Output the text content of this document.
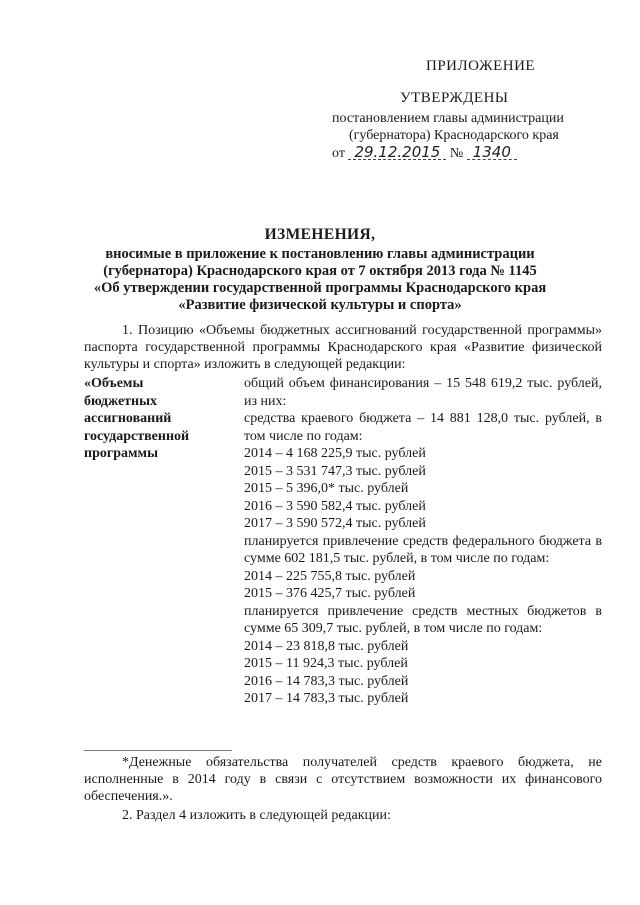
ПРИЛОЖЕНИЕ
УТВЕРЖДЕНЫ
постановлением главы администрации
(губернатора) Краснодарского края
от 29.12.2015 № 1340
ИЗМЕНЕНИЯ,
вносимые в приложение к постановлению главы администрации
(губернатора) Краснодарского края от 7 октября 2013 года № 1145
«Об утверждении государственной программы Краснодарского края
«Развитие физической культуры и спорта»
1. Позицию «Объемы бюджетных ассигнований государственной программы» паспорта государственной программы Краснодарского края «Развитие физической культуры и спорта» изложить в следующей редакции:
«Объемы
бюджетных
ассигнований
государственной
программы
общий объем финансирования – 15 548 619,2 тыс. рублей, из них:
средства краевого бюджета – 14 881 128,0 тыс. рублей, в том числе по годам:
2014 – 4 168 225,9 тыс. рублей
2015 – 3 531 747,3 тыс. рублей
2015 – 5 396,0* тыс. рублей
2016 – 3 590 582,4 тыс. рублей
2017 – 3 590 572,4 тыс. рублей
планируется привлечение средств федерального бюджета в сумме 602 181,5 тыс. рублей, в том числе по годам:
2014 – 225 755,8 тыс. рублей
2015 – 376 425,7 тыс. рублей
планируется привлечение средств местных бюджетов в сумме 65 309,7 тыс. рублей, в том числе по годам:
2014 – 23 818,8 тыс. рублей
2015 – 11 924,3 тыс. рублей
2016 – 14 783,3 тыс. рублей
2017 – 14 783,3 тыс. рублей
*Денежные обязательства получателей средств краевого бюджета, не исполненные в 2014 году в связи с отсутствием возможности их финансового обеспечения.».
2. Раздел 4 изложить в следующей редакции:
